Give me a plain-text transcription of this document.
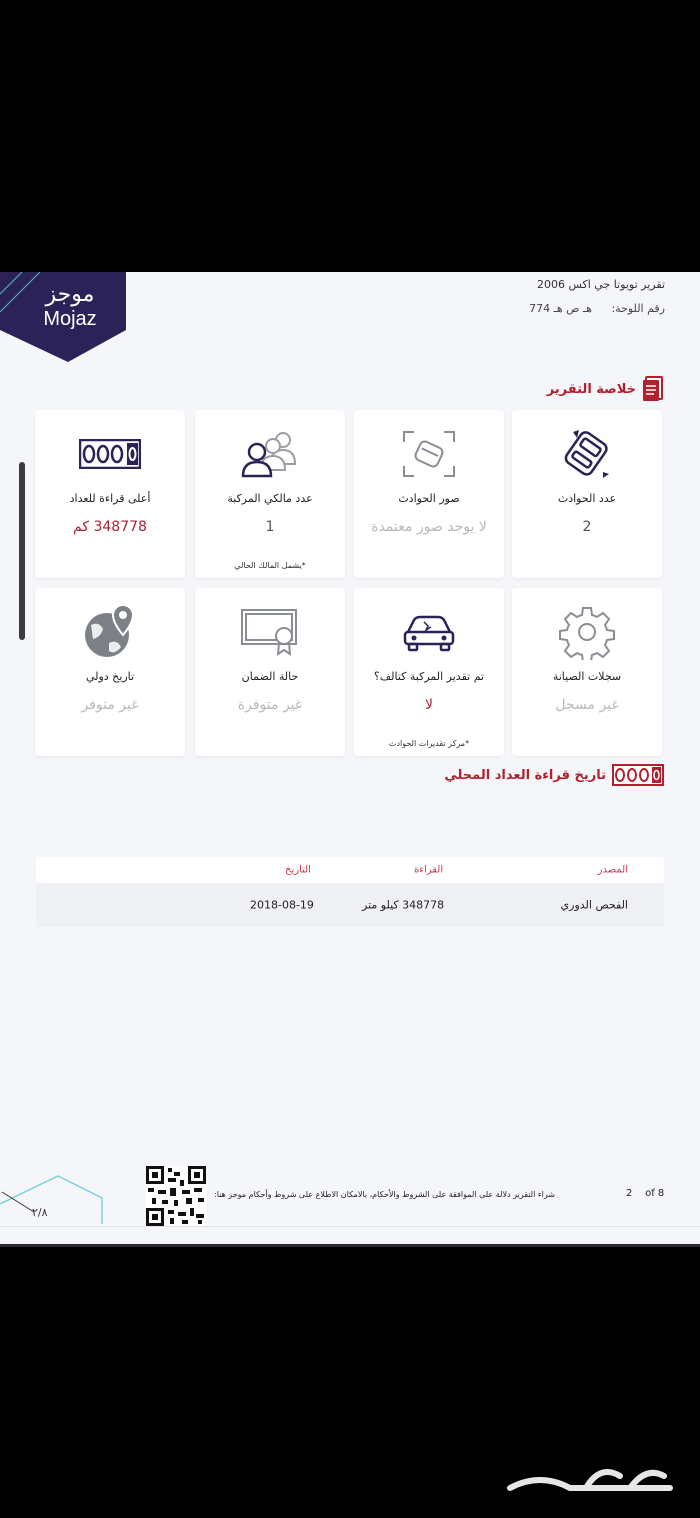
موجز
Mojaz
تقرير تويوتا جي اكس 2006
رقم اللوحة: هـ ص هـ 774
خلاصة التقرير
عدد الحوادث
2
صور الحوادث
لا يوجد صور معتمدة
عدد مالكي المركبة
1
*يشمل المالك الحالي
أعلى قراءة للعداد
348778 كم
سجلات الصيانة
غير مسجل
تم تقدير المركبة كتالف؟
لا
*مركز تقديرات الحوادث
حالة الضمان
غير متوفرة
تاريخ دولي
غير متوفر
تاريخ قراءة العداد المحلي
المصدر
القراءة
التاريخ
الفحص الدوري
348778 كيلو متر
2018-08-19
٢/٨
شراء التقرير دلالة على الموافقة على الشروط والأحكام، بالامكان الاطلاع على شروط وأحكام موجز هنا:	2 of 8
